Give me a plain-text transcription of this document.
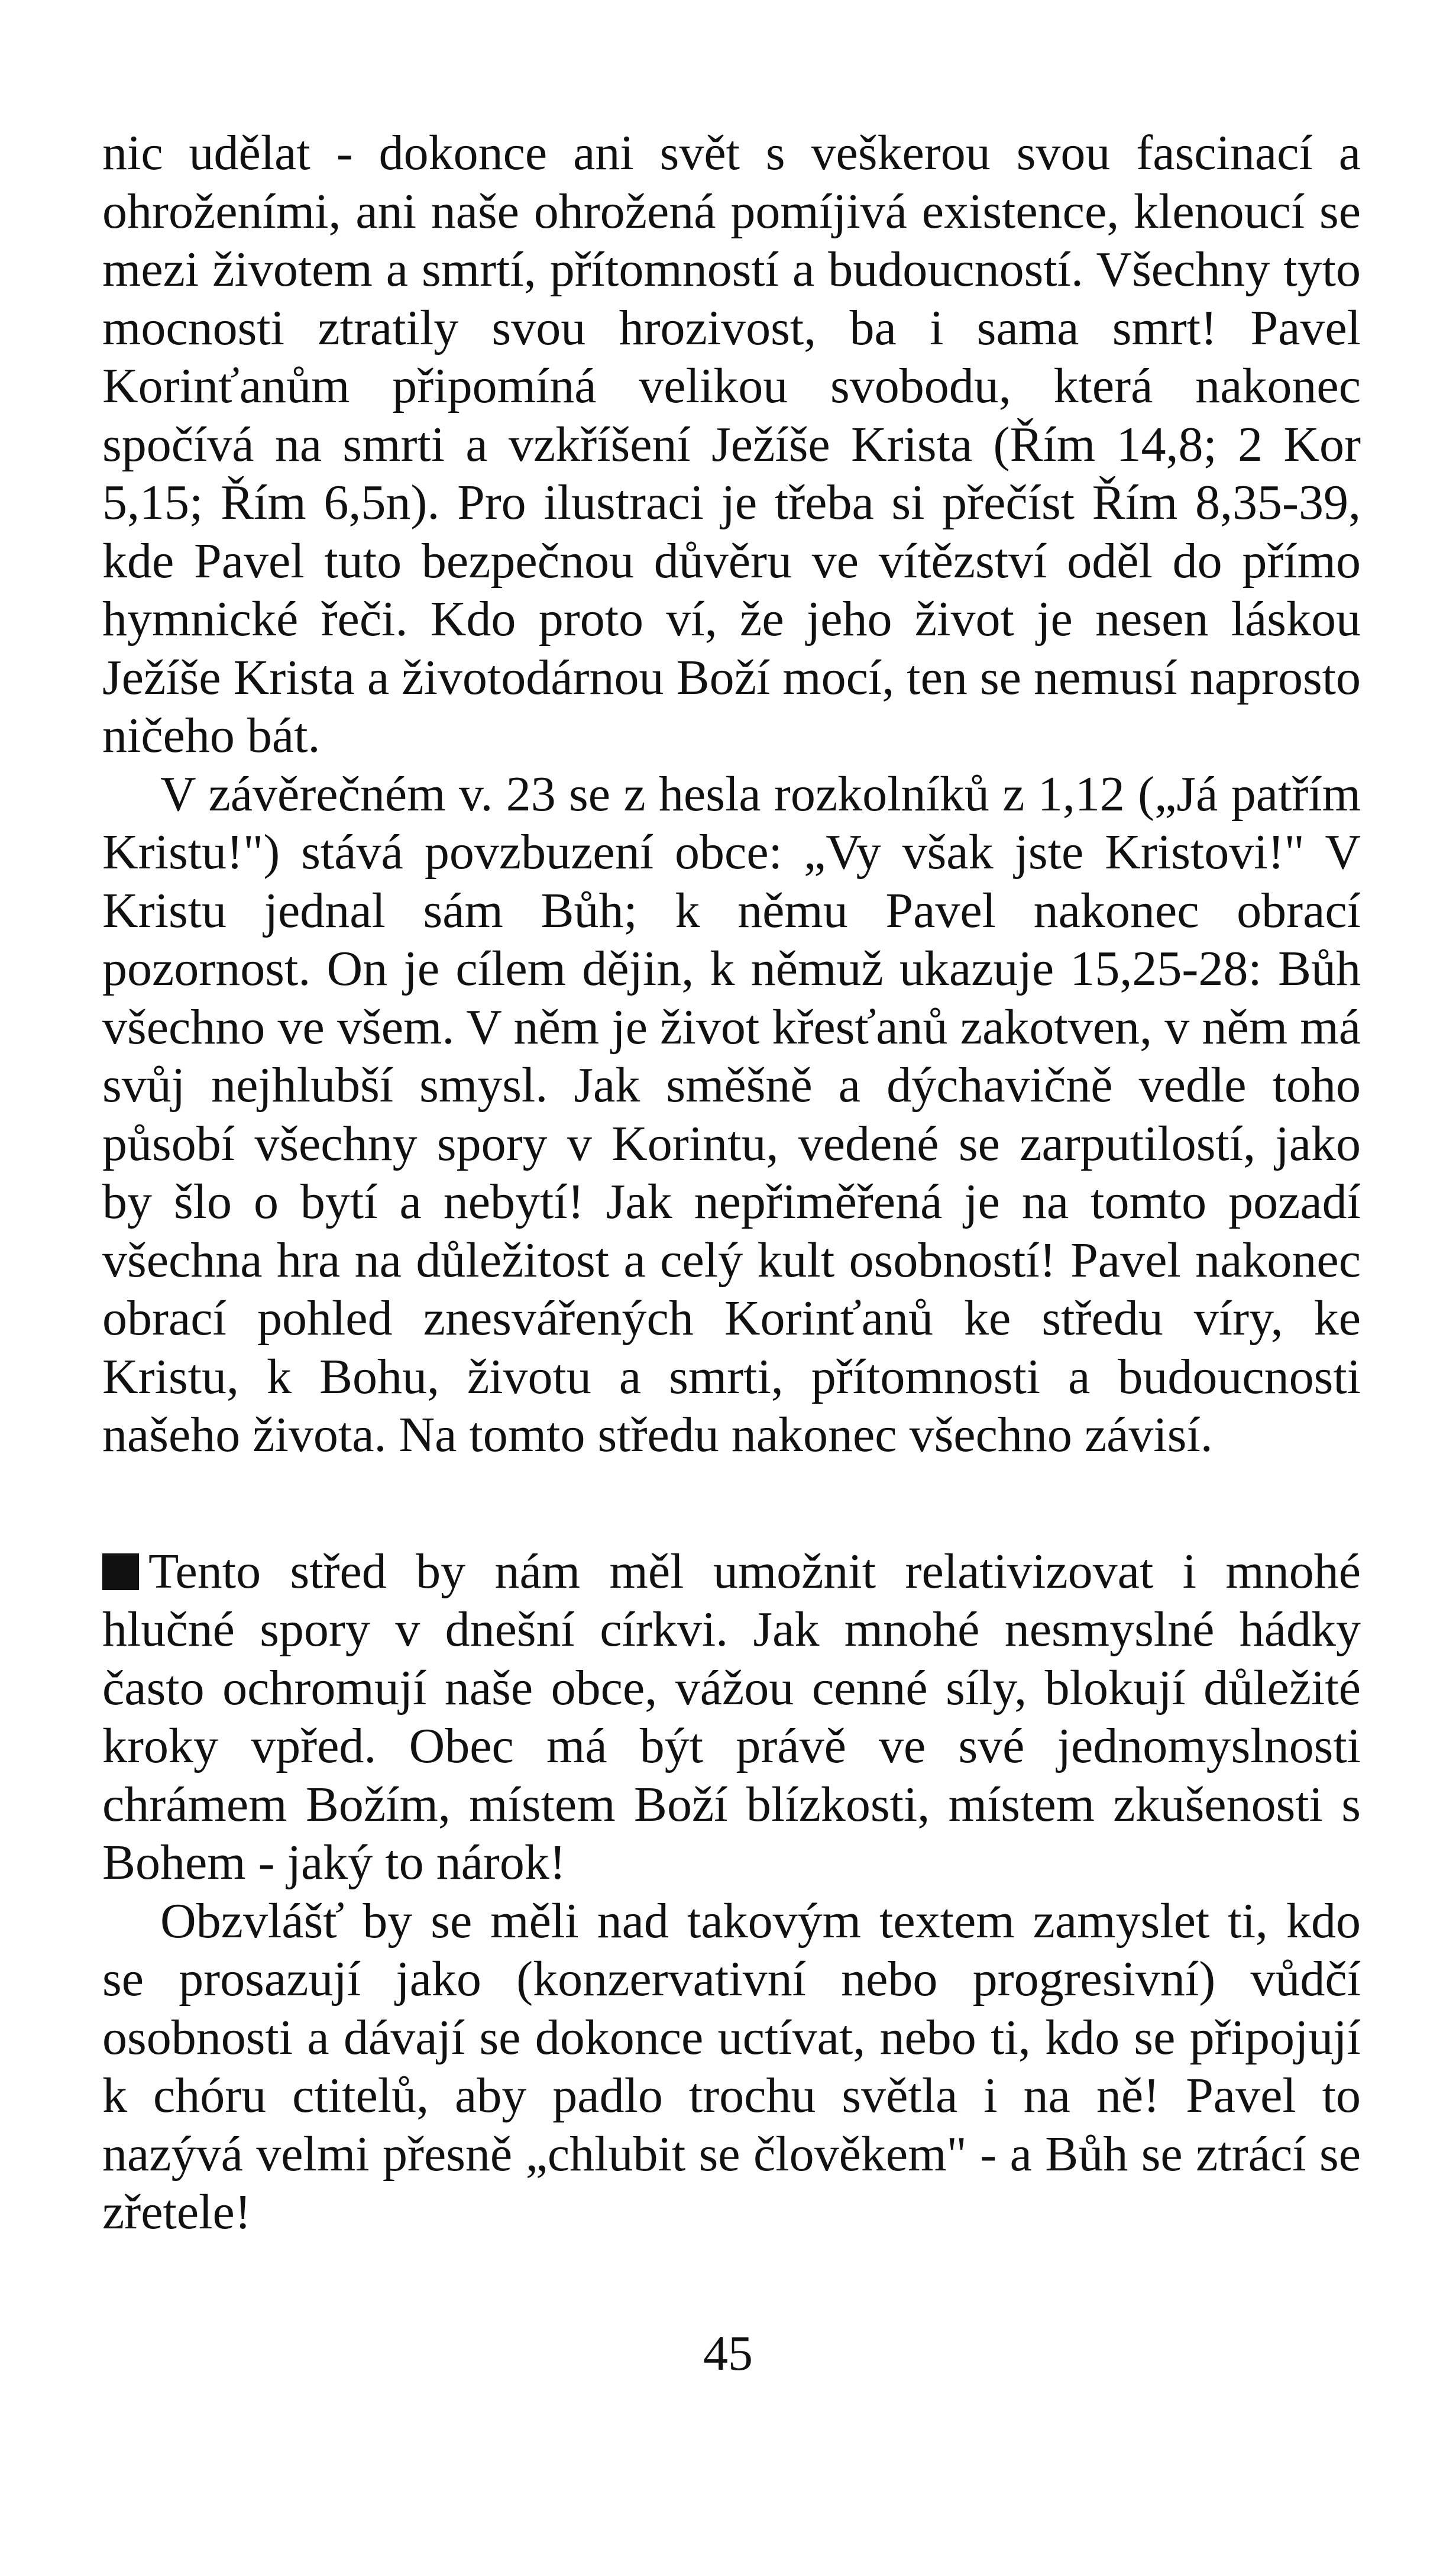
nic udělat - dokonce ani svět s veškerou svou fascinací a ohroženími, ani naše ohrožená pomíjivá existence, klenoucí se mezi životem a smrtí, přítomností a budoucností. Všechny tyto mocnosti ztratily svou hrozivost, ba i sama smrt! Pavel Korinťanům připomíná velikou svobodu, která nakonec spočívá na smrti a vzkříšení Ježíše Krista (Řím 14,8; 2 Kor 5,15; Řím 6,5n). Pro ilustraci je třeba si přečíst Řím 8,35-39, kde Pavel tuto bezpečnou důvěru ve vítězství oděl do přímo hymnické řeči. Kdo proto ví, že jeho život je nesen láskou Ježíše Krista a životodárnou Boží mocí, ten se nemusí naprosto ničeho bát.

V závěrečném v. 23 se z hesla rozkolníků z 1,12 („Já patřím Kristu!") stává povzbuzení obce: „Vy však jste Kristovi!" V Kristu jednal sám Bůh; k němu Pavel nakonec obrací pozornost. On je cílem dějin, k němuž ukazuje 15,25-28: Bůh všechno ve všem. V něm je život křesťanů zakotven, v něm má svůj nejhlubší smysl. Jak směšně a dýchavičně vedle toho působí všechny spory v Korintu, vedené se zarputilostí, jako by šlo o bytí a nebytí! Jak nepřiměřená je na tomto pozadí všechna hra na důležitost a celý kult osobností! Pavel nakonec obrací pohled znesvářených Korinťanů ke středu víry, ke Kristu, k Bohu, životu a smrti, přítomnosti a budoucnosti našeho života. Na tomto středu nakonec všechno závisí.

Tento střed by nám měl umožnit relativizovat i mnohé hlučné spory v dnešní církvi. Jak mnohé nesmyslné hádky často ochromují naše obce, vážou cenné síly, blokují důležité kroky vpřed. Obec má být právě ve své jednomyslnosti chrámem Božím, místem Boží blízkosti, místem zkušenosti s Bohem - jaký to nárok!

Obzvlášť by se měli nad takovým textem zamyslet ti, kdo se prosazují jako (konzervativní nebo progresivní) vůdčí osobnosti a dávají se dokonce uctívat, nebo ti, kdo se připojují k chóru ctitelů, aby padlo trochu světla i na ně! Pavel to nazývá velmi přesně „chlubit se člověkem" - a Bůh se ztrácí se zřetele!

45
